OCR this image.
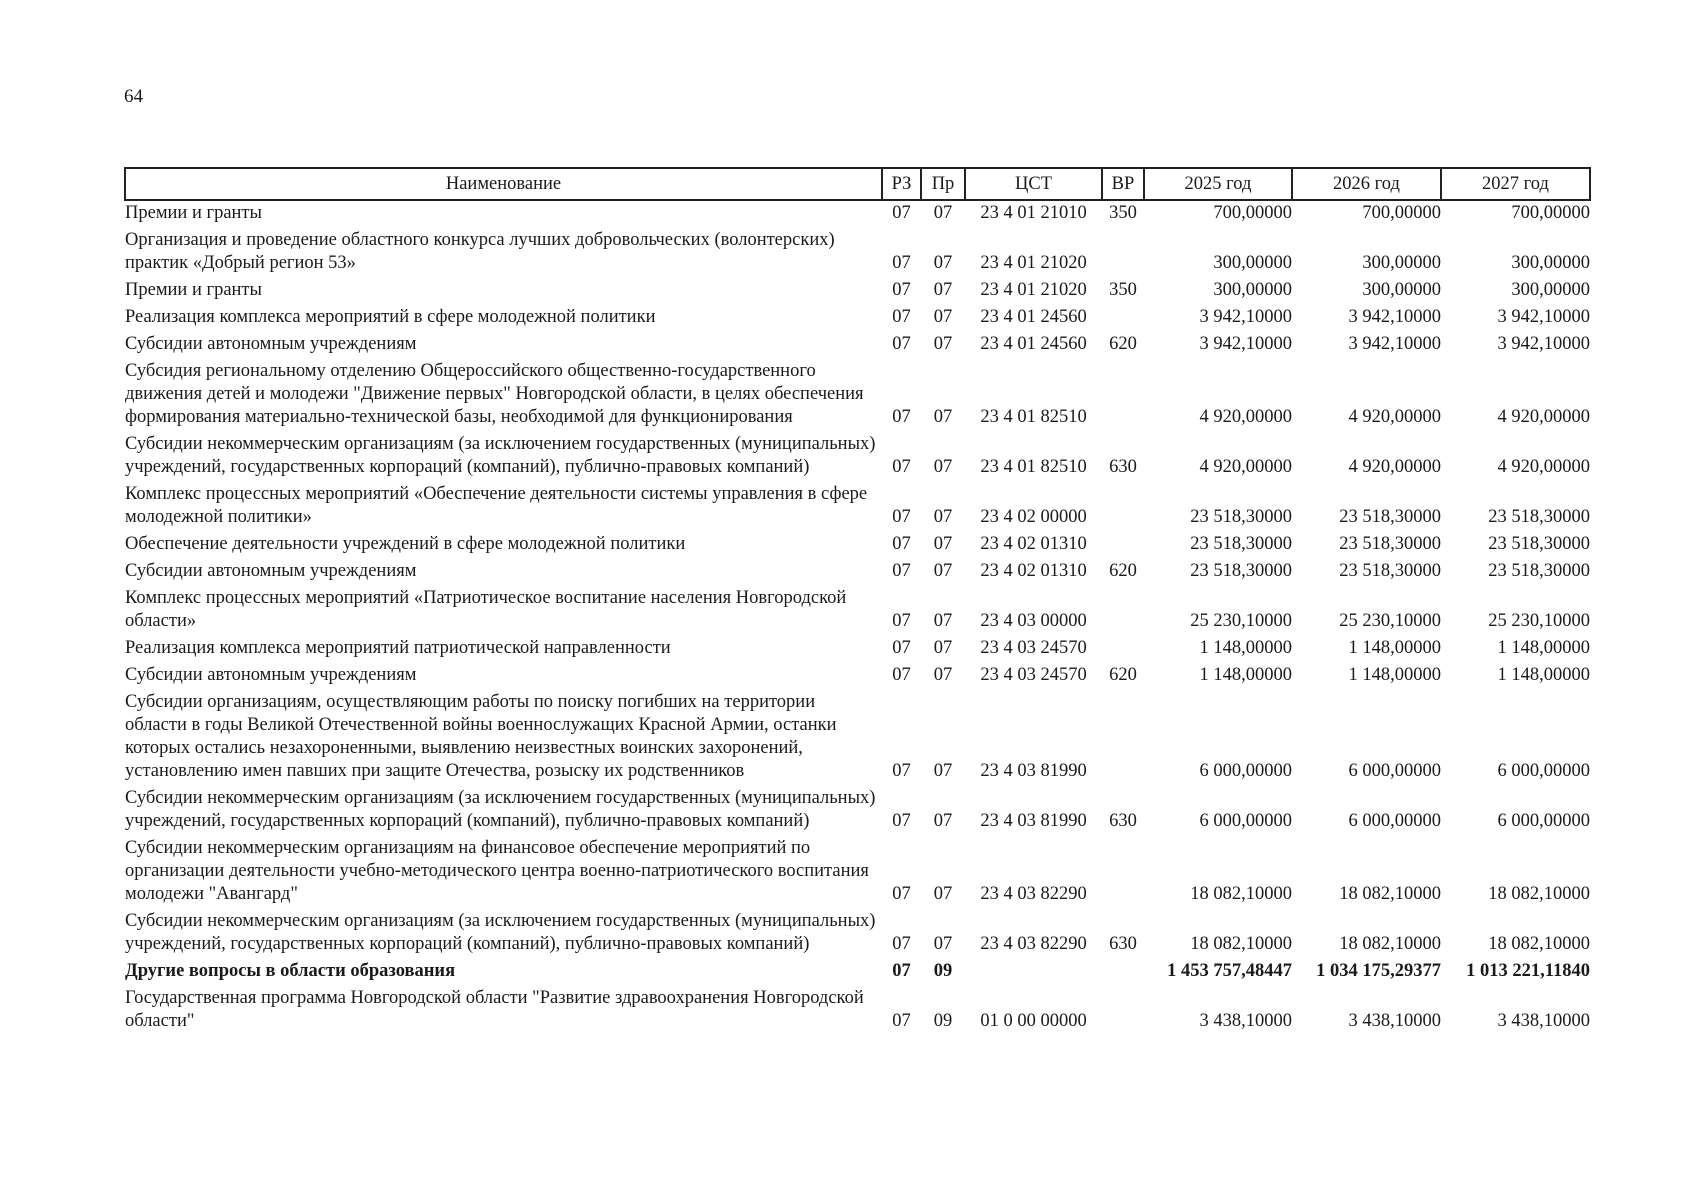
64
Наименование	РЗ	Пр	ЦСТ	ВР	2025 год	2026 год	2027 год
Премии и гранты	07	07	23 4 01 21010	350	700,00000	700,00000	700,00000
Организация и проведение областного конкурса лучших добровольческих (волонтерских) практик «Добрый регион 53»	07	07	23 4 01 21020		300,00000	300,00000	300,00000
Премии и гранты	07	07	23 4 01 21020	350	300,00000	300,00000	300,00000
Реализация комплекса мероприятий в сфере молодежной политики	07	07	23 4 01 24560		3 942,10000	3 942,10000	3 942,10000
Субсидии автономным учреждениям	07	07	23 4 01 24560	620	3 942,10000	3 942,10000	3 942,10000
Субсидия региональному отделению Общероссийского общественно-государственного движения детей и молодежи "Движение первых" Новгородской области, в целях обеспечения формирования материально-технической базы, необходимой для функционирования	07	07	23 4 01 82510		4 920,00000	4 920,00000	4 920,00000
Субсидии некоммерческим организациям (за исключением государственных (муниципальных) учреждений, государственных корпораций (компаний), публично-правовых компаний)	07	07	23 4 01 82510	630	4 920,00000	4 920,00000	4 920,00000
Комплекс процессных мероприятий «Обеспечение деятельности системы управления в сфере молодежной политики»	07	07	23 4 02 00000		23 518,30000	23 518,30000	23 518,30000
Обеспечение деятельности учреждений в сфере молодежной политики	07	07	23 4 02 01310		23 518,30000	23 518,30000	23 518,30000
Субсидии автономным учреждениям	07	07	23 4 02 01310	620	23 518,30000	23 518,30000	23 518,30000
Комплекс процессных мероприятий «Патриотическое воспитание населения Новгородской области»	07	07	23 4 03 00000		25 230,10000	25 230,10000	25 230,10000
Реализация комплекса мероприятий патриотической направленности	07	07	23 4 03 24570		1 148,00000	1 148,00000	1 148,00000
Субсидии автономным учреждениям	07	07	23 4 03 24570	620	1 148,00000	1 148,00000	1 148,00000
Субсидии организациям, осуществляющим работы по поиску погибших на территории области в годы Великой Отечественной войны военнослужащих Красной Армии, останки которых остались незахороненными, выявлению неизвестных воинских захоронений, установлению имен павших при защите Отечества, розыску их родственников	07	07	23 4 03 81990		6 000,00000	6 000,00000	6 000,00000
Субсидии некоммерческим организациям (за исключением государственных (муниципальных) учреждений, государственных корпораций (компаний), публично-правовых компаний)	07	07	23 4 03 81990	630	6 000,00000	6 000,00000	6 000,00000
Субсидии некоммерческим организациям на финансовое обеспечение мероприятий по организации деятельности учебно-методического центра военно-патриотического воспитания молодежи "Авангард"	07	07	23 4 03 82290		18 082,10000	18 082,10000	18 082,10000
Субсидии некоммерческим организациям (за исключением государственных (муниципальных) учреждений, государственных корпораций (компаний), публично-правовых компаний)	07	07	23 4 03 82290	630	18 082,10000	18 082,10000	18 082,10000
Другие вопросы в области образования	07	09			1 453 757,48447	1 034 175,29377	1 013 221,11840
Государственная программа Новгородской области "Развитие здравоохранения Новгородской области"	07	09	01 0 00 00000		3 438,10000	3 438,10000	3 438,10000
